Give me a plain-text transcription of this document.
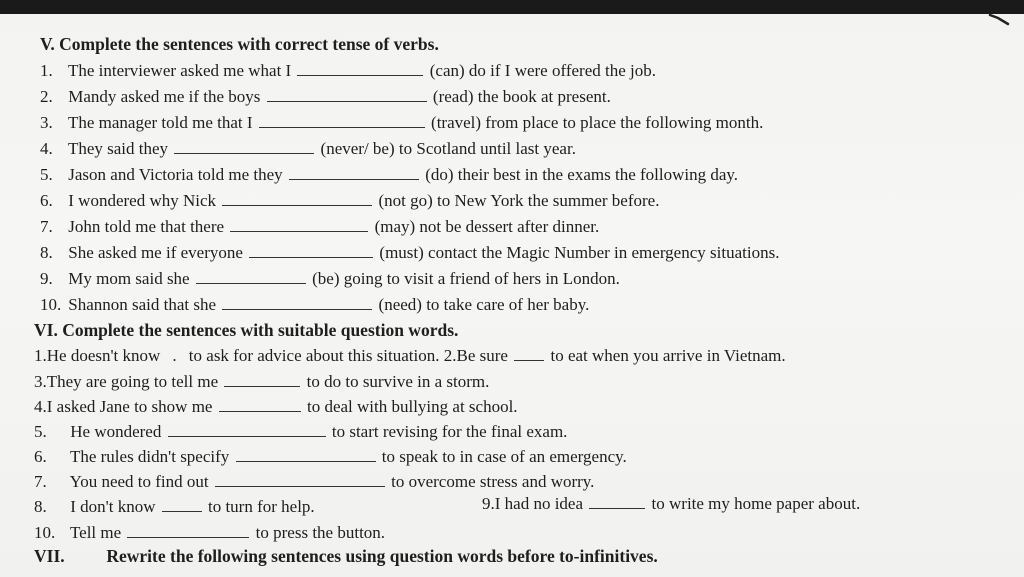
V. Complete the sentences with correct tense of verbs.
1. The interviewer asked me what I	(can) do if I were offered the job.
2. Mandy asked me if the boys	(read) the book at present.
3. The manager told me that I	(travel) from place to place the following month.
4. They said they	(never/ be) to Scotland until last year.
5. Jason and Victoria told me they	(do) their best in the exams the following day.
6. I wondered why Nick	(not go) to New York the summer before.
7. John told me that there	(may) not be dessert after dinner.
8. She asked me if everyone	(must) contact the Magic Number in emergency situations.
9. My mom said she	(be) going to visit a friend of hers in London.
10. Shannon said that she	(need) to take care of her baby.
VI. Complete the sentences with suitable question words.
1.He doesn't know . to ask for advice about this situation. 2.Be sure	to eat when you arrive in Vietnam.
3.They are going to tell me	to do to survive in a storm.
4.I asked Jane to show me	to deal with bullying at school.
5. He wondered	to start revising for the final exam.
6. The rules didn't specify	to speak to in case of an emergency.
7. You need to find out	to overcome stress and worry.
8. I don't know	to turn for help.	9.I had no idea	to write my home paper about.
10. Tell me	to press the button.
VII. Rewrite the following sentences using question words before to-infinitives.
